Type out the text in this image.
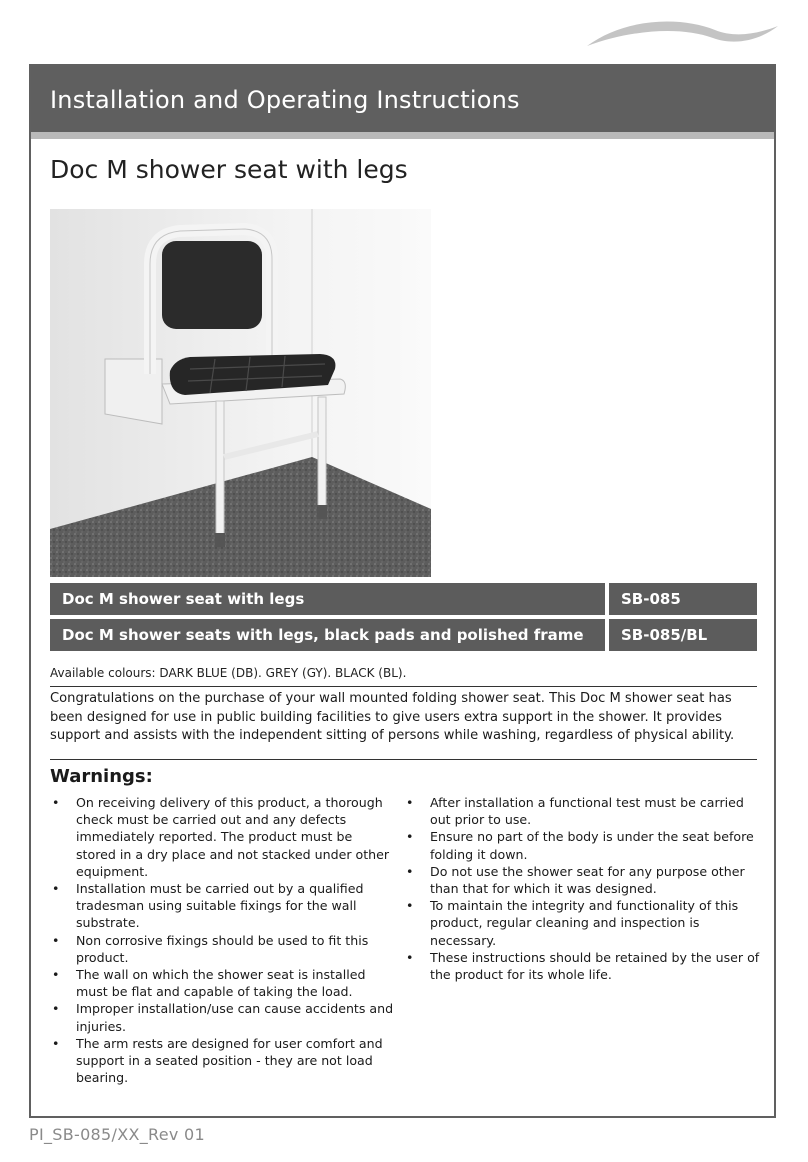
Installation and Operating Instructions
Doc M shower seat with legs
Doc M shower seat with legs	SB-085
Doc M shower seats with legs, black pads and polished frame	SB-085/BL
Available colours: DARK BLUE (DB). GREY (GY). BLACK (BL).
Congratulations on the purchase of your wall mounted folding shower seat. This Doc M shower seat has been designed for use in public building facilities to give users extra support in the shower. It provides support and assists with the independent sitting of persons while washing, regardless of physical ability.
Warnings:
• On receiving delivery of this product, a thorough check must be carried out and any defects immediately reported. The product must be stored in a dry place and not stacked under other equipment.
• Installation must be carried out by a qualified tradesman using suitable fixings for the wall substrate.
• Non corrosive fixings should be used to fit this product.
• The wall on which the shower seat is installed must be flat and capable of taking the load.
• Improper installation/use can cause accidents and injuries.
• The arm rests are designed for user comfort and support in a seated position - they are not load bearing.
• After installation a functional test must be carried out prior to use.
• Ensure no part of the body is under the seat before folding it down.
• Do not use the shower seat for any purpose other than that for which it was designed.
• To maintain the integrity and functionality of this product, regular cleaning and inspection is necessary.
• These instructions should be retained by the user of the product for its whole life.
PI_SB-085/XX_Rev 01
